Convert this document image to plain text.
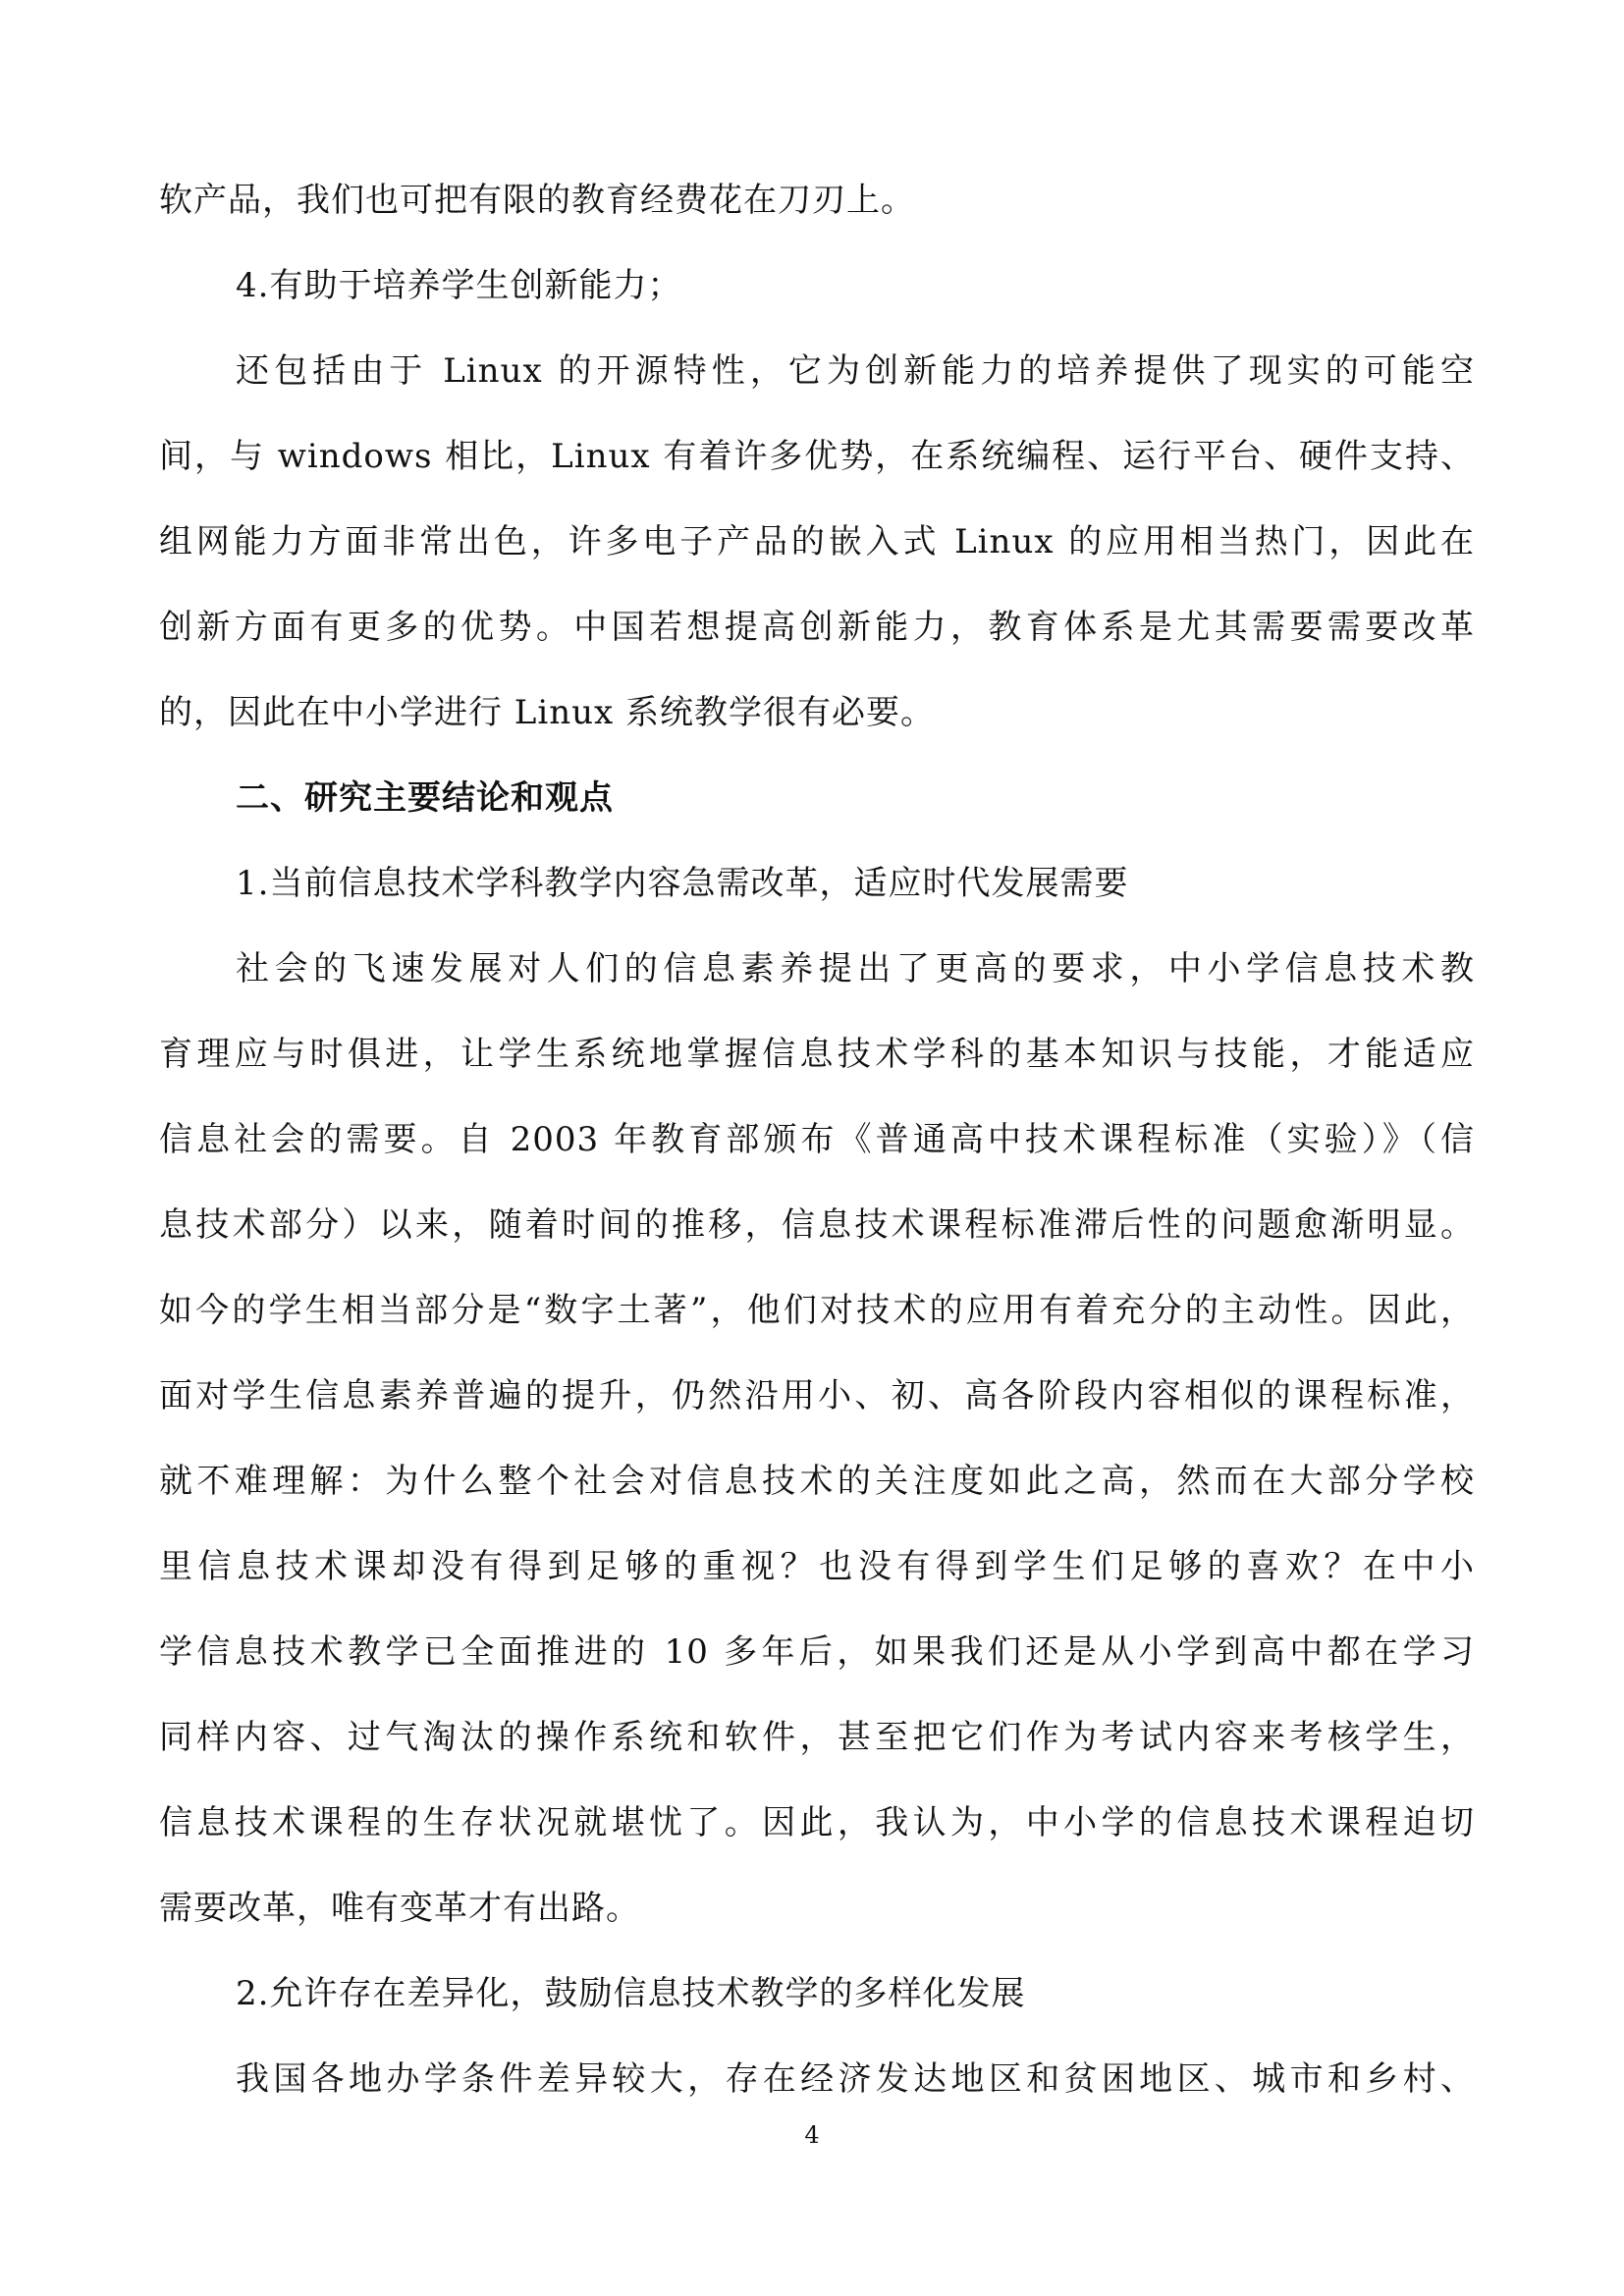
软产品，我们也可把有限的教育经费花在刀刃上。
4.有助于培养学生创新能力；
还包括由于 Linux 的开源特性，它为创新能力的培养提供了现实的可能空
间，与 windows 相比，Linux 有着许多优势，在系统编程、运行平台、硬件支持、
组网能力方面非常出色，许多电子产品的嵌入式 Linux 的应用相当热门，因此在
创新方面有更多的优势。中国若想提高创新能力，教育体系是尤其需要需要改革
的，因此在中小学进行 Linux 系统教学很有必要。
二、研究主要结论和观点
1.当前信息技术学科教学内容急需改革，适应时代发展需要
社会的飞速发展对人们的信息素养提出了更高的要求，中小学信息技术教
育理应与时俱进，让学生系统地掌握信息技术学科的基本知识与技能，才能适应
信息社会的需要。自 2003 年教育部颁布《普通高中技术课程标准（实验）》（信
息技术部分）以来，随着时间的推移，信息技术课程标准滞后性的问题愈渐明显。
如今的学生相当部分是“数字土著”，他们对技术的应用有着充分的主动性。因此，
面对学生信息素养普遍的提升，仍然沿用小、初、高各阶段内容相似的课程标准，
就不难理解：为什么整个社会对信息技术的关注度如此之高，然而在大部分学校
里信息技术课却没有得到足够的重视？也没有得到学生们足够的喜欢？在中小
学信息技术教学已全面推进的 10 多年后，如果我们还是从小学到高中都在学习
同样内容、过气淘汰的操作系统和软件，甚至把它们作为考试内容来考核学生，
信息技术课程的生存状况就堪忧了。因此，我认为，中小学的信息技术课程迫切
需要改革，唯有变革才有出路。
2.允许存在差异化，鼓励信息技术教学的多样化发展
我国各地办学条件差异较大，存在经济发达地区和贫困地区、城市和乡村、
4
